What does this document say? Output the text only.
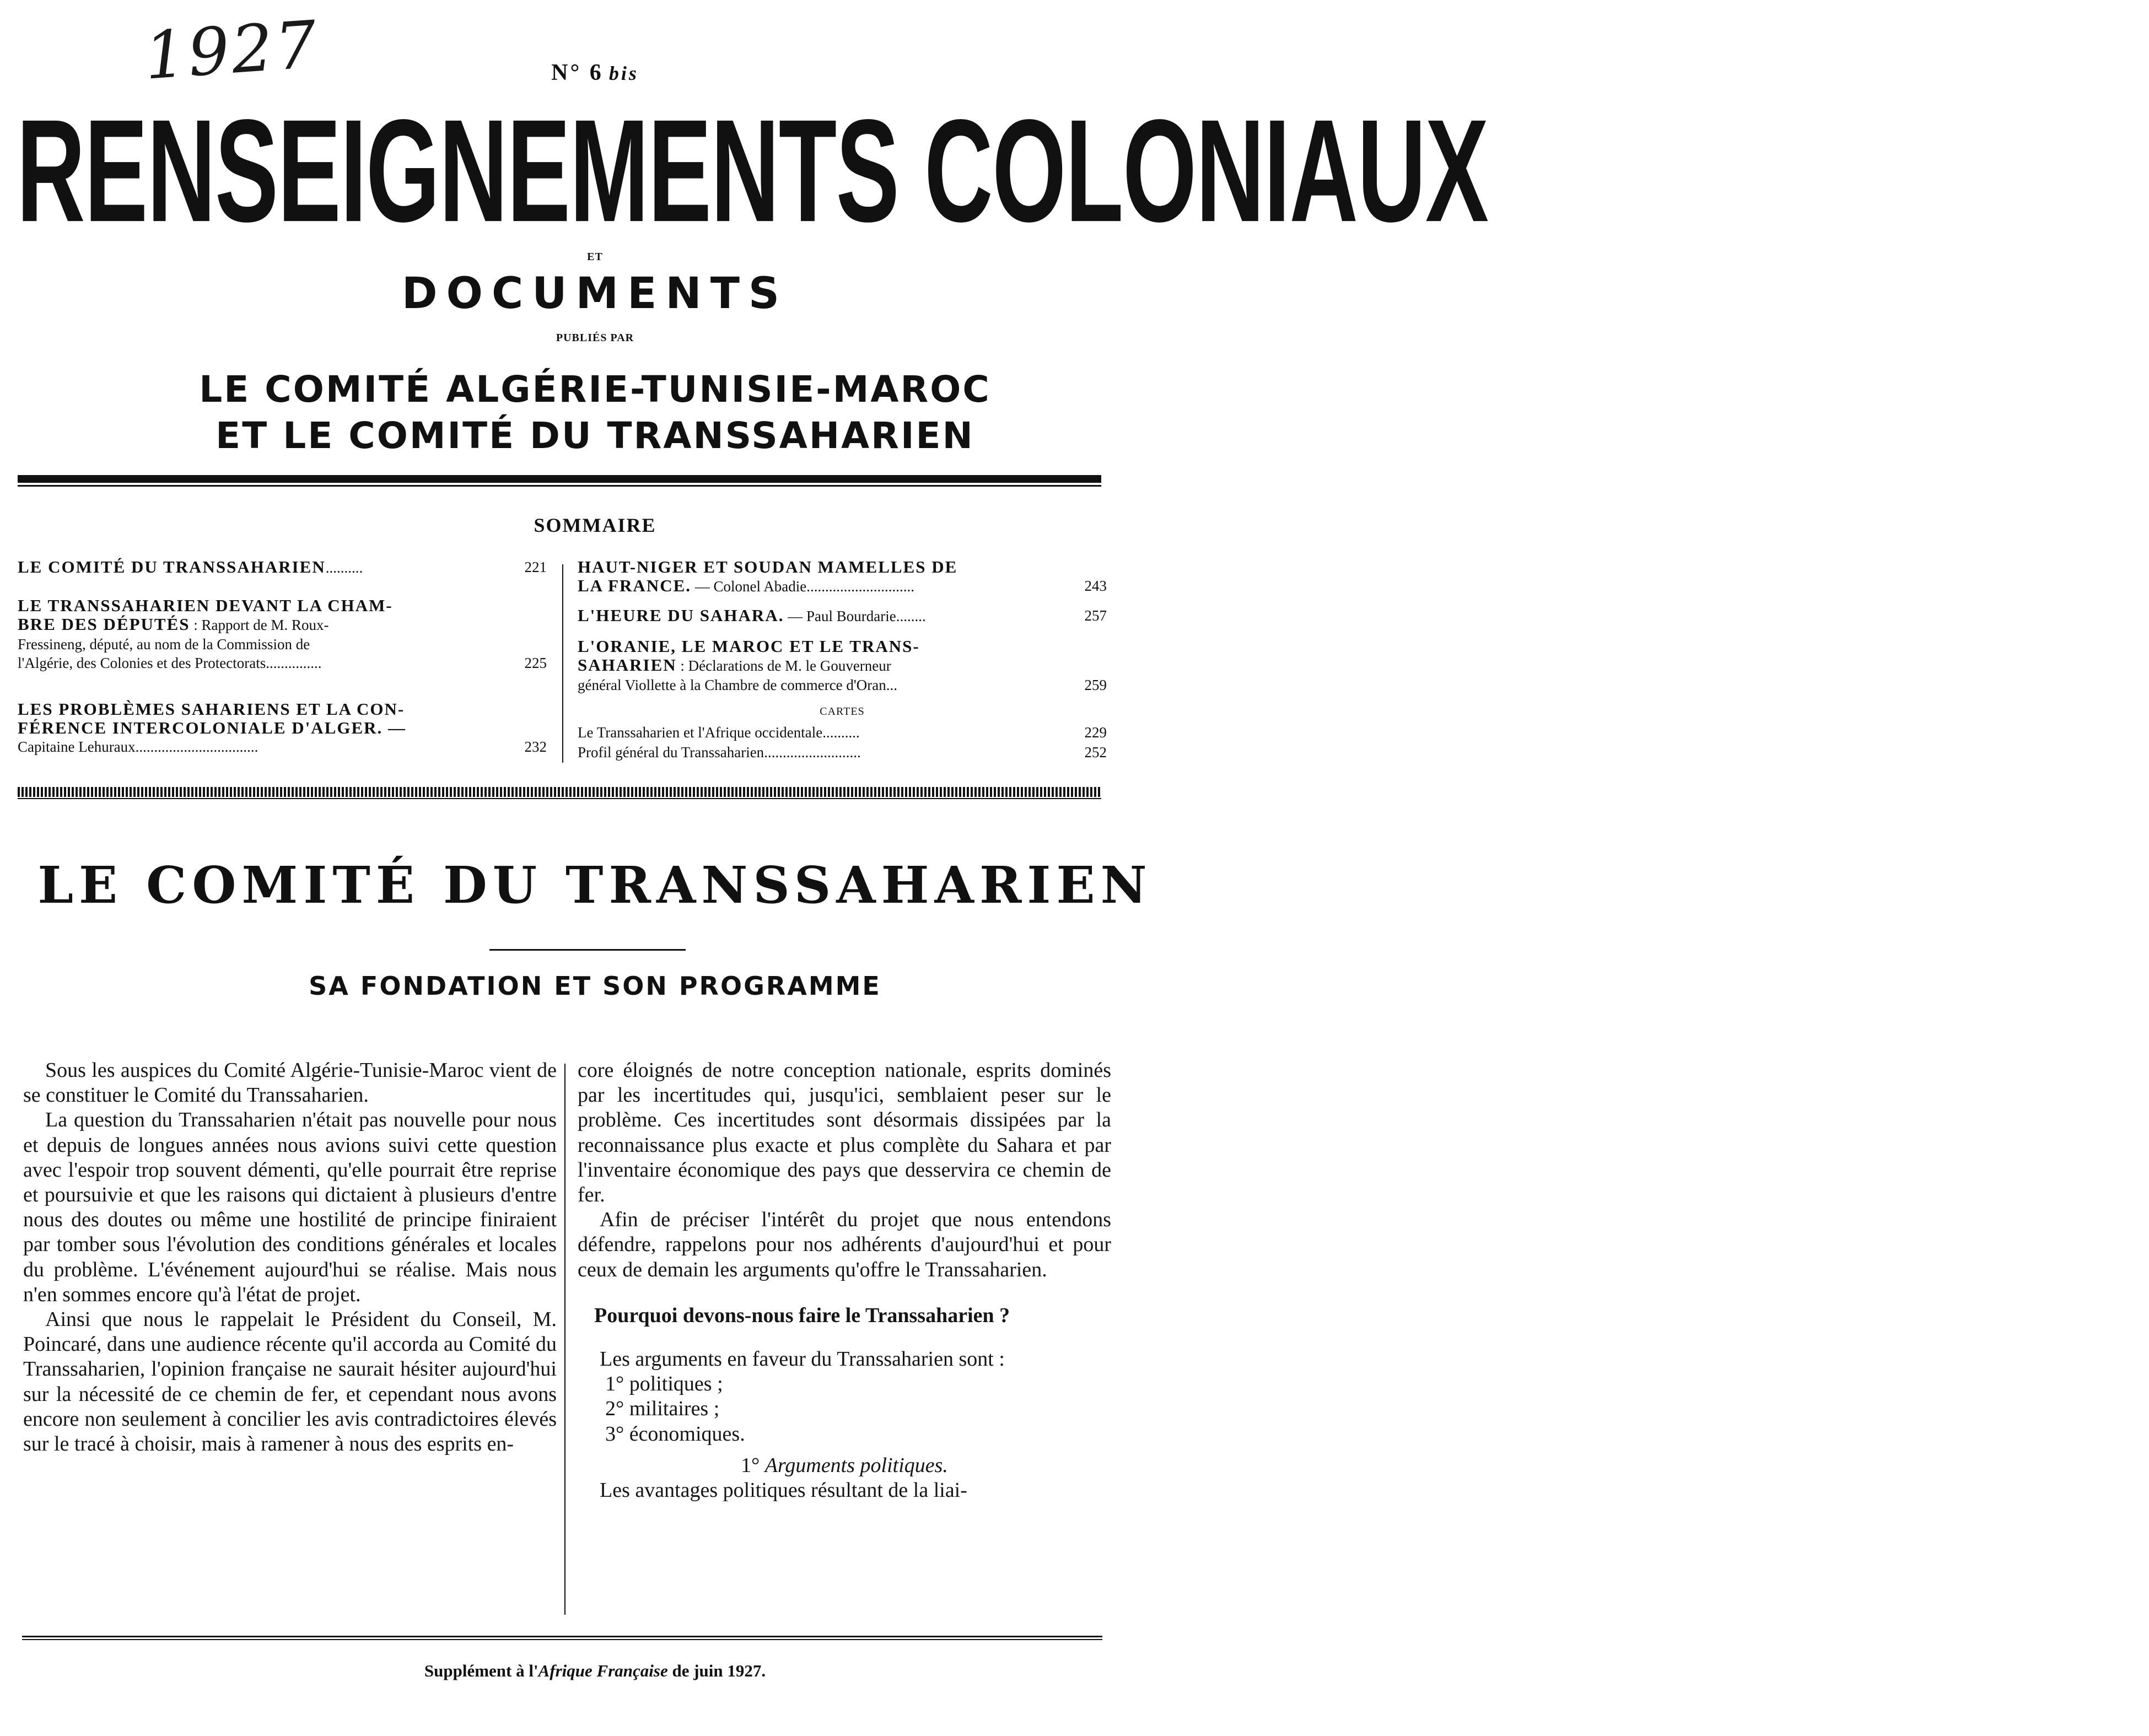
1927	N° 6 bis
RENSEIGNEMENTS COLONIAUX
ET
DOCUMENTS
PUBLIÉS PAR
LE COMITÉ ALGÉRIE-TUNISIE-MAROC
ET LE COMITÉ DU TRANSSAHARIEN
SOMMAIRE
LE COMITÉ DU TRANSSAHARIEN..........	221
LE TRANSSAHARIEN DEVANT LA CHAM-
BRE DES DÉPUTÉS : Rapport de M. Roux-
Fressineng, député, au nom de la Commission de
l'Algérie, des Colonies et des Protectorats...............	225
LES PROBLÈMES SAHARIENS ET LA CON-
FÉRENCE INTERCOLONIALE D'ALGER. —
Capitaine Lehuraux.................................	232
HAUT-NIGER ET SOUDAN MAMELLES DE
LA FRANCE. — Colonel Abadie.............................	243
L'HEURE DU SAHARA. — Paul Bourdarie........	257
L'ORANIE, LE MAROC ET LE TRANS-
SAHARIEN : Déclarations de M. le Gouverneur
général Viollette à la Chambre de commerce d'Oran...	259
CARTES
Le Transsaharien et l'Afrique occidentale..........	229
Profil général du Transsaharien..........................	252
LE COMITÉ DU TRANSSAHARIEN
SA FONDATION ET SON PROGRAMME

Sous les auspices du Comité Algérie-Tunisie-Maroc vient de se constituer le Comité du Transsaharien.

La question du Transsaharien n'était pas nouvelle pour nous et depuis de longues années nous avions suivi cette question avec l'espoir trop souvent démenti, qu'elle pourrait être reprise et poursuivie et que les raisons qui dictaient à plusieurs d'entre nous des doutes ou même une hostilité de principe finiraient par tomber sous l'évolution des conditions générales et locales du problème. L'événement aujourd'hui se réalise. Mais nous n'en sommes encore qu'à l'état de projet.

Ainsi que nous le rappelait le Président du Conseil, M. Poincaré, dans une audience récente qu'il accorda au Comité du Transsaharien, l'opinion française ne saurait hésiter aujourd'hui sur la nécessité de ce chemin de fer, et cependant nous avons encore non seulement à concilier les avis contradictoires élevés sur le tracé à choisir, mais à ramener à nous des esprits en-

core éloignés de notre conception nationale, esprits dominés par les incertitudes qui, jusqu'ici, semblaient peser sur le problème. Ces incertitudes sont désormais dissipées par la reconnaissance plus exacte et plus complète du Sahara et par l'inventaire économique des pays que desservira ce chemin de fer.

Afin de préciser l'intérêt du projet que nous entendons défendre, rappelons pour nos adhérents d'aujourd'hui et pour ceux de demain les arguments qu'offre le Transsaharien.

Pourquoi devons-nous faire le Transsaharien ?

Les arguments en faveur du Transsaharien sont :

1° politiques ;

2° militaires ;

3° économiques.

1° Arguments politiques.

Les avantages politiques résultant de la liai-

Supplément à l'Afrique Française de juin 1927.
